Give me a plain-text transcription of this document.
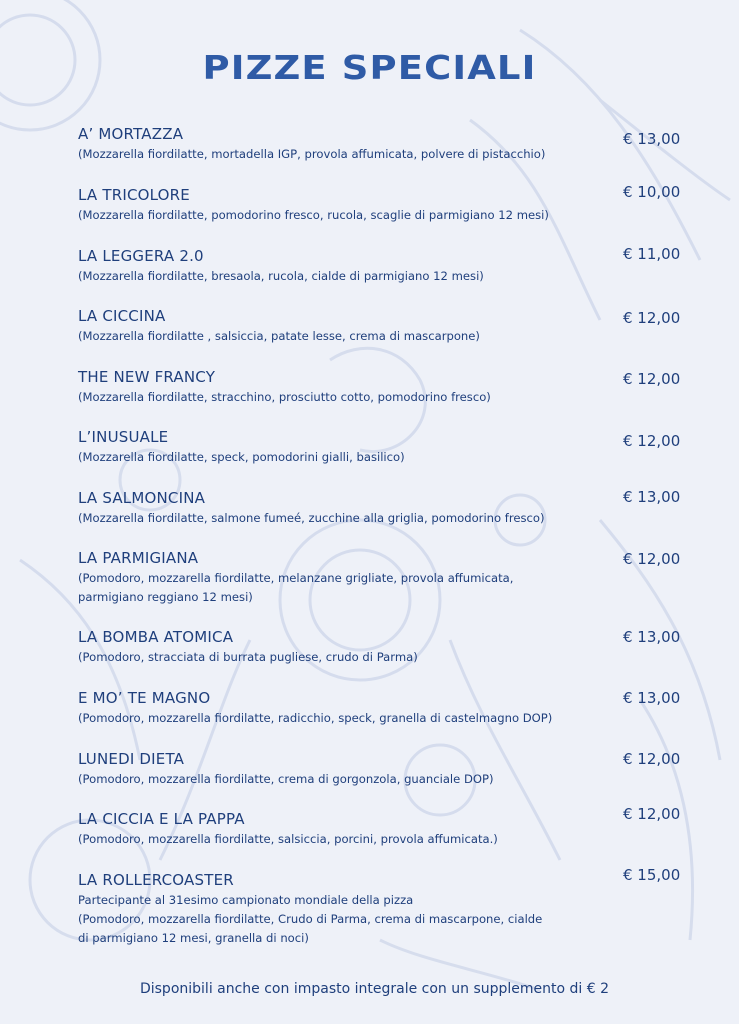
PIZZE SPECIALI
A’ MORTAZZA
(Mozzarella fiordilatte, mortadella IGP, provola affumicata, polvere di pistacchio)
€ 13,00
LA TRICOLORE
(Mozzarella fiordilatte, pomodorino fresco, rucola, scaglie di parmigiano 12 mesi)
€ 10,00
LA LEGGERA 2.0
(Mozzarella fiordilatte, bresaola, rucola, cialde di parmigiano 12 mesi)
€ 11,00
LA CICCINA
(Mozzarella fiordilatte , salsiccia, patate lesse, crema di mascarpone)
€ 12,00
THE NEW FRANCY
(Mozzarella fiordilatte, stracchino, prosciutto cotto, pomodorino fresco)
€ 12,00
L’INUSUALE
(Mozzarella fiordilatte, speck, pomodorini gialli, basilico)
€ 12,00
LA SALMONCINA
(Mozzarella fiordilatte, salmone fumeé, zucchine alla griglia, pomodorino fresco)
€ 13,00
LA PARMIGIANA
(Pomodoro, mozzarella fiordilatte, melanzane grigliate, provola affumicata,
parmigiano reggiano 12 mesi)
€ 12,00
LA BOMBA ATOMICA
(Pomodoro, stracciata di burrata pugliese, crudo di Parma)
€ 13,00
E MO’ TE MAGNO
(Pomodoro, mozzarella fiordilatte, radicchio, speck, granella di castelmagno DOP)
€ 13,00
LUNEDI DIETA
(Pomodoro, mozzarella fiordilatte, crema di gorgonzola, guanciale DOP)
€ 12,00
LA CICCIA E LA PAPPA
(Pomodoro, mozzarella fiordilatte, salsiccia, porcini, provola affumicata.)
€ 12,00
LA ROLLERCOASTER
Partecipante al 31esimo campionato mondiale della pizza
(Pomodoro, mozzarella fiordilatte, Crudo di Parma, crema di mascarpone, cialde
di parmigiano 12 mesi, granella di noci)
€ 15,00
Disponibili anche con impasto integrale con un supplemento di € 2
